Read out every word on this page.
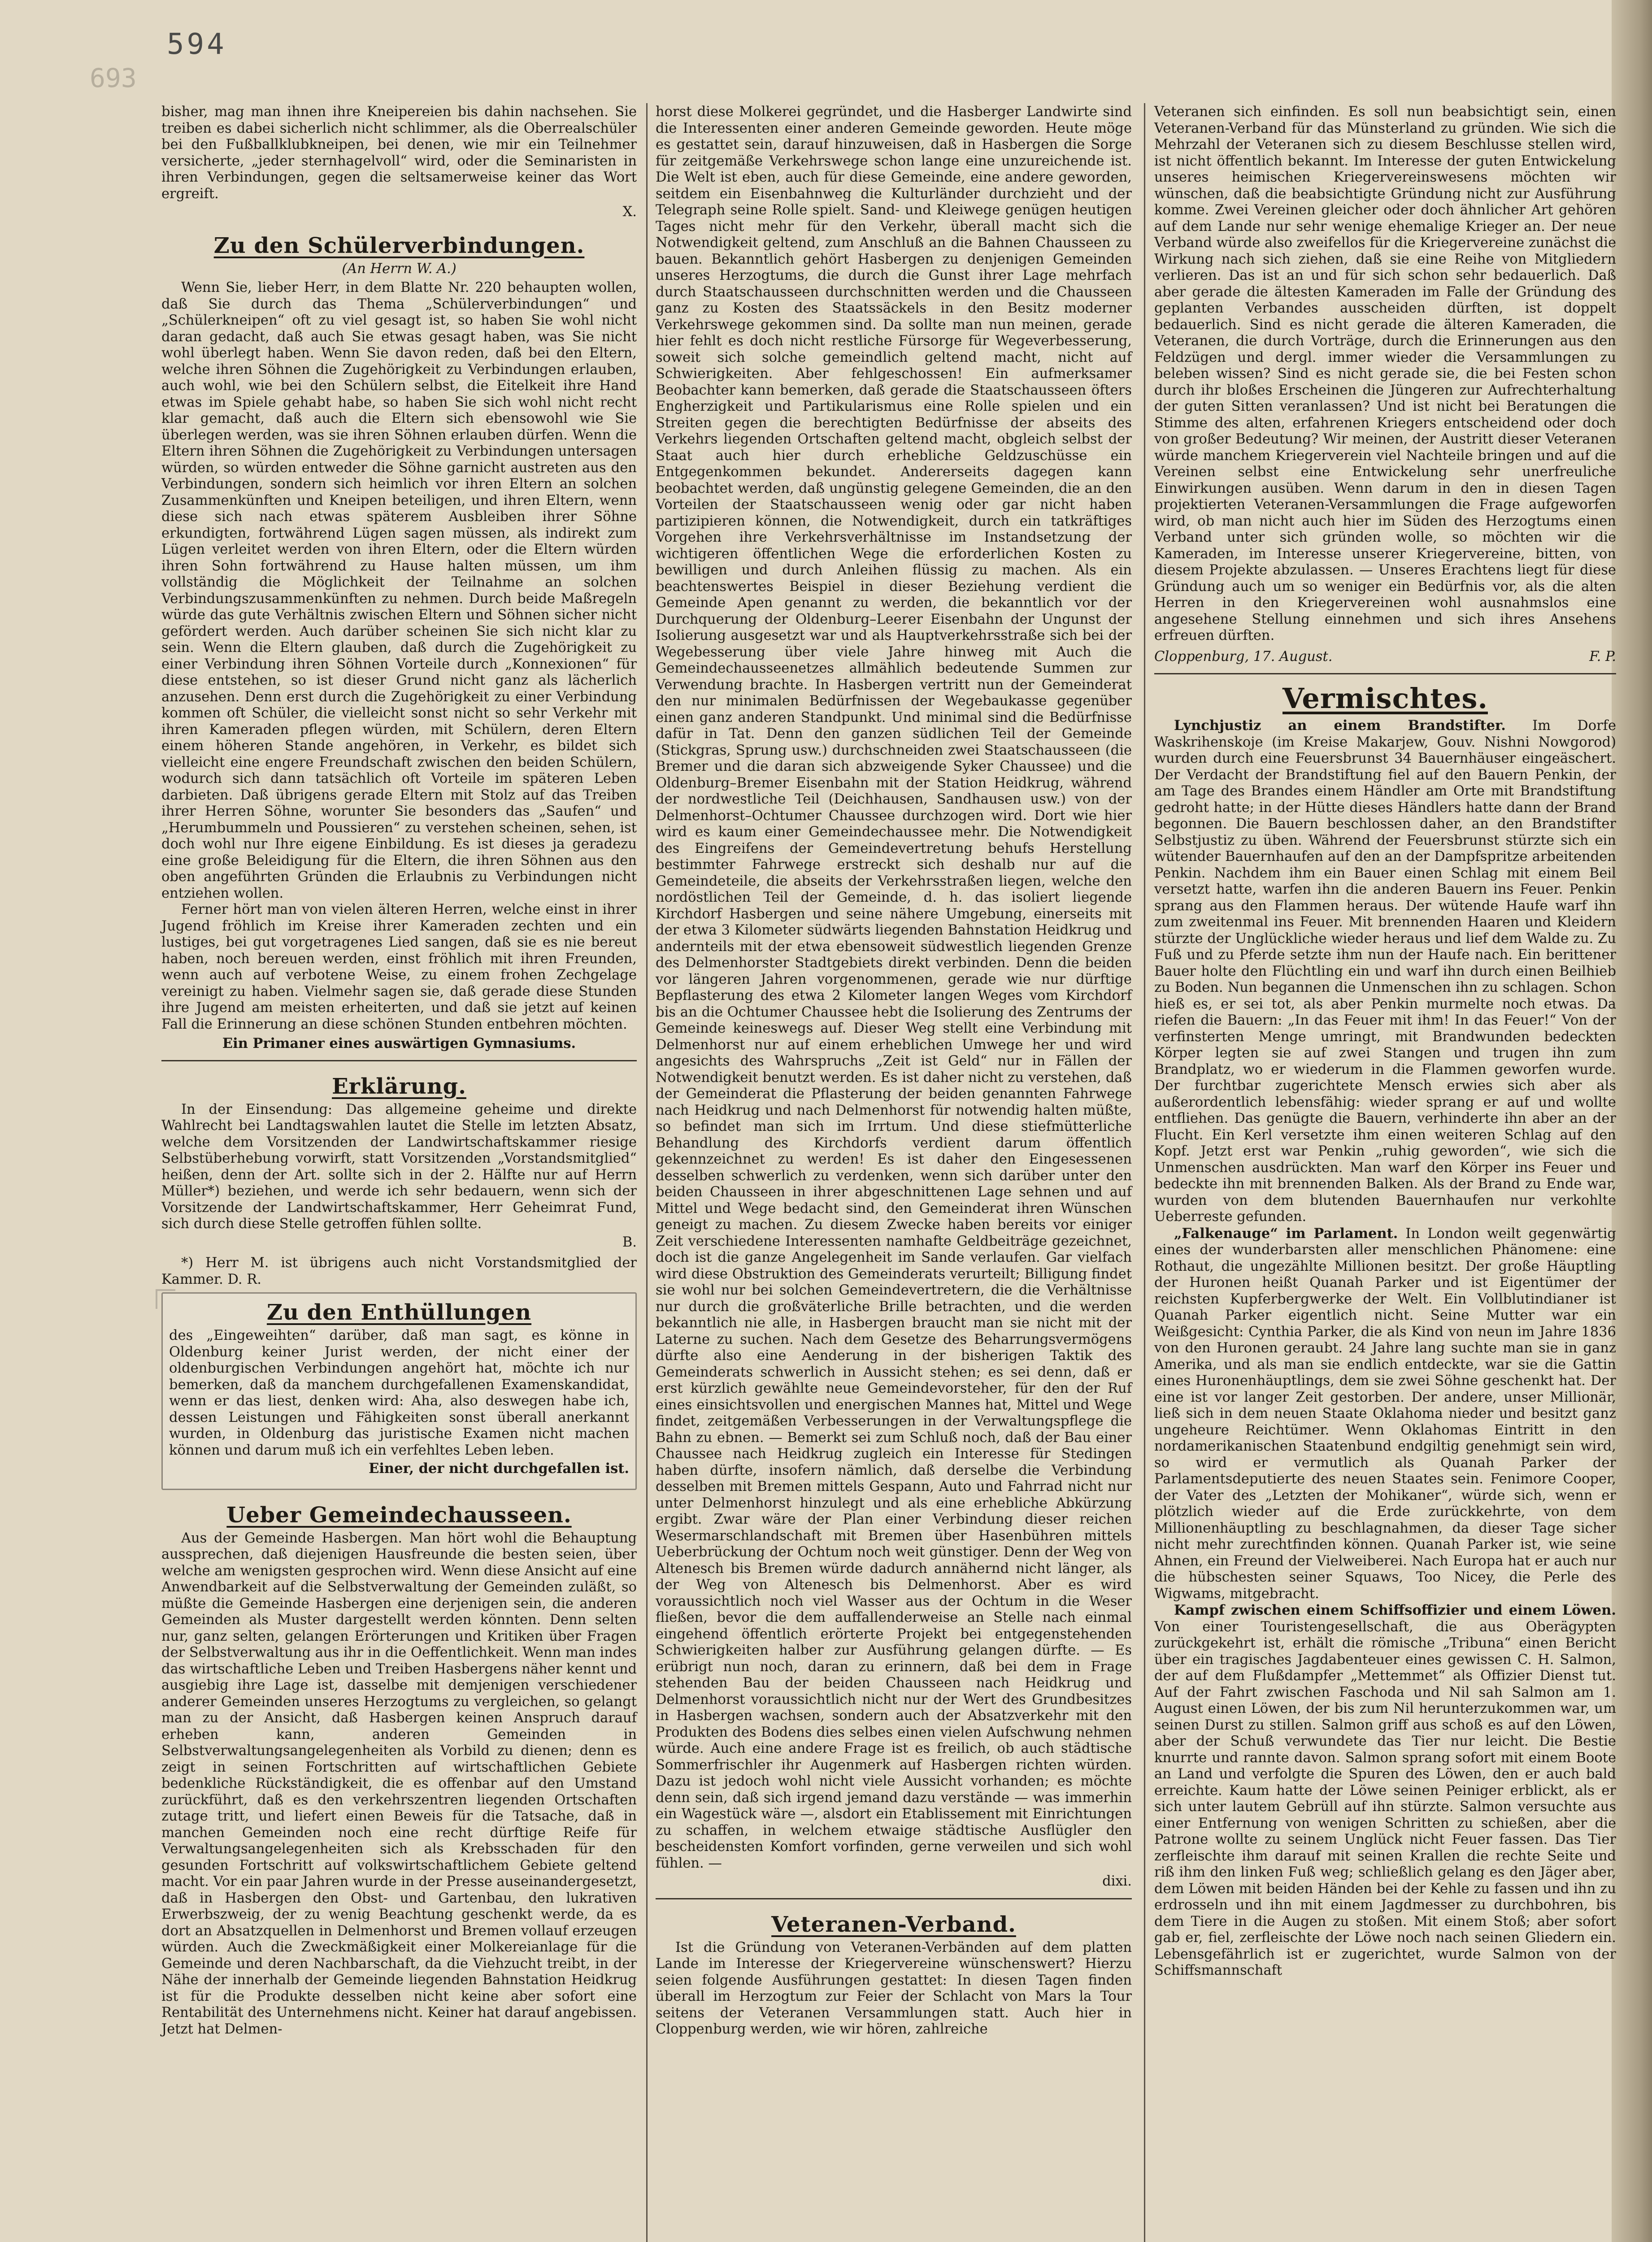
594
693

bisher, mag man ihnen ihre Kneipereien bis dahin nachsehen. Sie treiben es dabei sicherlich nicht schlimmer, als die Oberrealschüler bei den Fußballklubkneipen, bei denen, wie mir ein Teilnehmer versicherte, „jeder sternhagelvoll“ wird, oder die Seminaristen in ihren Verbindungen, gegen die seltsamerweise keiner das Wort ergreift.

X.
Zu den Schülerverbindungen.
(An Herrn W. A.)

Wenn Sie, lieber Herr, in dem Blatte Nr. 220 behaupten wollen, daß Sie durch das Thema „Schülerverbindungen“ und „Schülerkneipen“ oft zu viel gesagt ist, so haben Sie wohl nicht daran gedacht, daß auch Sie etwas gesagt haben, was Sie nicht wohl überlegt haben. Wenn Sie davon reden, daß bei den Eltern, welche ihren Söhnen die Zugehörigkeit zu Verbindungen erlauben, auch wohl, wie bei den Schülern selbst, die Eitelkeit ihre Hand etwas im Spiele gehabt habe, so haben Sie sich wohl nicht recht klar gemacht, daß auch die Eltern sich ebensowohl wie Sie überlegen werden, was sie ihren Söhnen erlauben dürfen. Wenn die Eltern ihren Söhnen die Zugehörigkeit zu Verbindungen untersagen würden, so würden entweder die Söhne garnicht austreten aus den Verbindungen, sondern sich heimlich vor ihren Eltern an solchen Zusammenkünften und Kneipen beteiligen, und ihren Eltern, wenn diese sich nach etwas späterem Ausbleiben ihrer Söhne erkundigten, fortwährend Lügen sagen müssen, als indirekt zum Lügen verleitet werden von ihren Eltern, oder die Eltern würden ihren Sohn fortwährend zu Hause halten müssen, um ihm vollständig die Möglichkeit der Teilnahme an solchen Verbindungszusammenkünften zu nehmen. Durch beide Maßregeln würde das gute Verhältnis zwischen Eltern und Söhnen sicher nicht gefördert werden. Auch darüber scheinen Sie sich nicht klar zu sein. Wenn die Eltern glauben, daß durch die Zugehörigkeit zu einer Verbindung ihren Söhnen Vorteile durch „Konnexionen“ für diese entstehen, so ist dieser Grund nicht ganz als lächerlich anzusehen. Denn erst durch die Zugehörigkeit zu einer Verbindung kommen oft Schüler, die vielleicht sonst nicht so sehr Verkehr mit ihren Kameraden pflegen würden, mit Schülern, deren Eltern einem höheren Stande angehören, in Verkehr, es bildet sich vielleicht eine engere Freundschaft zwischen den beiden Schülern, wodurch sich dann tatsächlich oft Vorteile im späteren Leben darbieten. Daß übrigens gerade Eltern mit Stolz auf das Treiben ihrer Herren Söhne, worunter Sie besonders das „Saufen“ und „Herumbummeln und Poussieren“ zu verstehen scheinen, sehen, ist doch wohl nur Ihre eigene Einbildung. Es ist dieses ja geradezu eine große Beleidigung für die Eltern, die ihren Söhnen aus den oben angeführten Gründen die Erlaubnis zu Verbindungen nicht entziehen wollen.

Ferner hört man von vielen älteren Herren, welche einst in ihrer Jugend fröhlich im Kreise ihrer Kameraden zechten und ein lustiges, bei gut vorgetragenes Lied sangen, daß sie es nie bereut haben, noch bereuen werden, einst fröhlich mit ihren Freunden, wenn auch auf verbotene Weise, zu einem frohen Zechgelage vereinigt zu haben. Vielmehr sagen sie, daß gerade diese Stunden ihre Jugend am meisten erheiterten, und daß sie jetzt auf keinen Fall die Erinnerung an diese schönen Stunden entbehren möchten.

Ein Primaner eines auswärtigen Gymnasiums.
Erklärung.

In der Einsendung: Das allgemeine geheime und direkte Wahlrecht bei Landtagswahlen lautet die Stelle im letzten Absatz, welche dem Vorsitzenden der Landwirtschaftskammer riesige Selbstüberhebung vorwirft, statt Vorsitzenden „Vorstandsmitglied“ heißen, denn der Art. sollte sich in der 2. Hälfte nur auf Herrn Müller*) beziehen, und werde ich sehr bedauern, wenn sich der Vorsitzende der Landwirtschaftskammer, Herr Geheimrat Fund, sich durch diese Stelle getroffen fühlen sollte.

B.

*) Herr M. ist übrigens auch nicht Vorstandsmitglied der Kammer. D. R.

Zu den Enthüllungen

des „Eingeweihten“ darüber, daß man sagt, es könne in Oldenburg keiner Jurist werden, der nicht einer der oldenburgischen Verbindungen angehört hat, möchte ich nur bemerken, daß da manchem durchgefallenen Examenskandidat, wenn er das liest, denken wird: Aha, also deswegen habe ich, dessen Leistungen und Fähigkeiten sonst überall anerkannt wurden, in Oldenburg das juristische Examen nicht machen können und darum muß ich ein verfehltes Leben leben.

Einer, der nicht durchgefallen ist.
Ueber Gemeindechausseen.

Aus der Gemeinde Hasbergen. Man hört wohl die Behauptung aussprechen, daß diejenigen Hausfreunde die besten seien, über welche am wenigsten gesprochen wird. Wenn diese Ansicht auf eine Anwendbarkeit auf die Selbstverwaltung der Gemeinden zuläßt, so müßte die Gemeinde Hasbergen eine derjenigen sein, die anderen Gemeinden als Muster dargestellt werden könnten. Denn selten nur, ganz selten, gelangen Erörterungen und Kritiken über Fragen der Selbstverwaltung aus ihr in die Oeffentlichkeit. Wenn man indes das wirtschaftliche Leben und Treiben Hasbergens näher kennt und ausgiebig ihre Lage ist, dasselbe mit demjenigen verschiedener anderer Gemeinden unseres Herzogtums zu vergleichen, so gelangt man zu der Ansicht, daß Hasbergen keinen Anspruch darauf erheben kann, anderen Gemeinden in Selbstverwaltungsangelegenheiten als Vorbild zu dienen; denn es zeigt in seinen Fortschritten auf wirtschaftlichen Gebiete bedenkliche Rückständigkeit, die es offenbar auf den Umstand zurückführt, daß es den verkehrszentren liegenden Ortschaften zutage tritt, und liefert einen Beweis für die Tatsache, daß in manchen Gemeinden noch eine recht dürftige Reife für Verwaltungsangelegenheiten sich als Krebsschaden für den gesunden Fortschritt auf volkswirtschaftlichem Gebiete geltend macht. Vor ein paar Jahren wurde in der Presse auseinandergesetzt, daß in Hasbergen den Obst- und Gartenbau, den lukrativen Erwerbszweig, der zu wenig Beachtung geschenkt werde, da es dort an Absatzquellen in Delmenhorst und Bremen vollauf erzeugen würden. Auch die Zweckmäßigkeit einer Molkereianlage für die Gemeinde und deren Nachbarschaft, da die Viehzucht treibt, in der Nähe der innerhalb der Gemeinde liegenden Bahnstation Heidkrug ist für die Produkte desselben nicht keine aber sofort eine Rentabilität des Unternehmens nicht. Keiner hat darauf angebissen. Jetzt hat Delmen-

horst diese Molkerei gegründet, und die Hasberger Landwirte sind die Interessenten einer anderen Gemeinde geworden. Heute möge es gestattet sein, darauf hinzuweisen, daß in Hasbergen die Sorge für zeitgemäße Verkehrswege schon lange eine unzureichende ist. Die Welt ist eben, auch für diese Gemeinde, eine andere geworden, seitdem ein Eisenbahnweg die Kulturländer durchzieht und der Telegraph seine Rolle spielt. Sand- und Kleiwege genügen heutigen Tages nicht mehr für den Verkehr, überall macht sich die Notwendigkeit geltend, zum Anschluß an die Bahnen Chausseen zu bauen. Bekanntlich gehört Hasbergen zu denjenigen Gemeinden unseres Herzogtums, die durch die Gunst ihrer Lage mehrfach durch Staatschausseen durchschnitten werden und die Chausseen ganz zu Kosten des Staatssäckels in den Besitz moderner Verkehrswege gekommen sind. Da sollte man nun meinen, gerade hier fehlt es doch nicht restliche Fürsorge für Wegeverbesserung, soweit sich solche gemeindlich geltend macht, nicht auf Schwierigkeiten. Aber fehlgeschossen! Ein aufmerksamer Beobachter kann bemerken, daß gerade die Staatschausseen öfters Engherzigkeit und Partikularismus eine Rolle spielen und ein Streiten gegen die berechtigten Bedürfnisse der abseits des Verkehrs liegenden Ortschaften geltend macht, obgleich selbst der Staat auch hier durch erhebliche Geldzuschüsse ein Entgegenkommen bekundet. Andererseits dagegen kann beobachtet werden, daß ungünstig gelegene Gemeinden, die an den Vorteilen der Staatschausseen wenig oder gar nicht haben partizipieren können, die Notwendigkeit, durch ein tatkräftiges Vorgehen ihre Verkehrsverhältnisse im Instandsetzung der wichtigeren öffentlichen Wege die erforderlichen Kosten zu bewilligen und durch Anleihen flüssig zu machen. Als ein beachtenswertes Beispiel in dieser Beziehung verdient die Gemeinde Apen genannt zu werden, die bekanntlich vor der Durchquerung der Oldenburg–Leerer Eisenbahn der Ungunst der Isolierung ausgesetzt war und als Hauptverkehrsstraße sich bei der Wegebesserung über viele Jahre hinweg mit Auch die Gemeindechausseenetzes allmählich bedeutende Summen zur Verwendung brachte. In Hasbergen vertritt nun der Gemeinderat den nur minimalen Bedürfnissen der Wegebaukasse gegenüber einen ganz anderen Standpunkt. Und minimal sind die Bedürfnisse dafür in Tat. Denn den ganzen südlichen Teil der Gemeinde (Stickgras, Sprung usw.) durchschneiden zwei Staatschausseen (die Bremer und die daran sich abzweigende Syker Chaussee) und die Oldenburg–Bremer Eisenbahn mit der Station Heidkrug, während der nordwestliche Teil (Deichhausen, Sandhausen usw.) von der Delmenhorst–Ochtumer Chaussee durchzogen wird. Dort wie hier wird es kaum einer Gemeindechaussee mehr. Die Notwendigkeit des Eingreifens der Gemeindevertretung behufs Herstellung bestimmter Fahrwege erstreckt sich deshalb nur auf die Gemeindeteile, die abseits der Verkehrsstraßen liegen, welche den nordöstlichen Teil der Gemeinde, d. h. das isoliert liegende Kirchdorf Hasbergen und seine nähere Umgebung, einerseits mit der etwa 3 Kilometer südwärts liegenden Bahnstation Heidkrug und andernteils mit der etwa ebensoweit südwestlich liegenden Grenze des Delmenhorster Stadtgebiets direkt verbinden. Denn die beiden vor längeren Jahren vorgenommenen, gerade wie nur dürftige Bepflasterung des etwa 2 Kilometer langen Weges vom Kirchdorf bis an die Ochtumer Chaussee hebt die Isolierung des Zentrums der Gemeinde keineswegs auf. Dieser Weg stellt eine Verbindung mit Delmenhorst nur auf einem erheblichen Umwege her und wird angesichts des Wahrspruchs „Zeit ist Geld“ nur in Fällen der Notwendigkeit benutzt werden. Es ist daher nicht zu verstehen, daß der Gemeinderat die Pflasterung der beiden genannten Fahrwege nach Heidkrug und nach Delmenhorst für notwendig halten müßte, so befindet man sich im Irrtum. Und diese stiefmütterliche Behandlung des Kirchdorfs verdient darum öffentlich gekennzeichnet zu werden! Es ist daher den Eingesessenen desselben schwerlich zu verdenken, wenn sich darüber unter den beiden Chausseen in ihrer abgeschnittenen Lage sehnen und auf Mittel und Wege bedacht sind, den Gemeinderat ihren Wünschen geneigt zu machen. Zu diesem Zwecke haben bereits vor einiger Zeit verschiedene Interessenten namhafte Geldbeiträge gezeichnet, doch ist die ganze Angelegenheit im Sande verlaufen. Gar vielfach wird diese Obstruktion des Gemeinderats verurteilt; Billigung findet sie wohl nur bei solchen Gemeindevertretern, die die Verhältnisse nur durch die großväterliche Brille betrachten, und die werden bekanntlich nie alle, in Hasbergen braucht man sie nicht mit der Laterne zu suchen. Nach dem Gesetze des Beharrungsvermögens dürfte also eine Aenderung in der bisherigen Taktik des Gemeinderats schwerlich in Aussicht stehen; es sei denn, daß er erst kürzlich gewählte neue Gemeindevorsteher, für den der Ruf eines einsichtsvollen und energischen Mannes hat, Mittel und Wege findet, zeitgemäßen Verbesserungen in der Verwaltungspflege die Bahn zu ebnen. — Bemerkt sei zum Schluß noch, daß der Bau einer Chaussee nach Heidkrug zugleich ein Interesse für Stedingen haben dürfte, insofern nämlich, daß derselbe die Verbindung desselben mit Bremen mittels Gespann, Auto und Fahrrad nicht nur unter Delmenhorst hinzulegt und als eine erhebliche Abkürzung ergibt. Zwar wäre der Plan einer Verbindung dieser reichen Wesermarschlandschaft mit Bremen über Hasenbühren mittels Ueberbrückung der Ochtum noch weit günstiger. Denn der Weg von Altenesch bis Bremen würde dadurch annähernd nicht länger, als der Weg von Altenesch bis Delmenhorst. Aber es wird voraussichtlich noch viel Wasser aus der Ochtum in die Weser fließen, bevor die dem auffallenderweise an Stelle nach einmal eingehend öffentlich erörterte Projekt bei entgegenstehenden Schwierigkeiten halber zur Ausführung gelangen dürfte. — Es erübrigt nun noch, daran zu erinnern, daß bei dem in Frage stehenden Bau der beiden Chausseen nach Heidkrug und Delmenhorst voraussichtlich nicht nur der Wert des Grundbesitzes in Hasbergen wachsen, sondern auch der Absatzverkehr mit den Produkten des Bodens dies selbes einen vielen Aufschwung nehmen würde. Auch eine andere Frage ist es freilich, ob auch städtische Sommerfrischler ihr Augenmerk auf Hasbergen richten würden. Dazu ist jedoch wohl nicht viele Aussicht vorhanden; es möchte denn sein, daß sich irgend jemand dazu verstände — was immerhin ein Wagestück wäre —, alsdort ein Etablissement mit Einrichtungen zu schaffen, in welchem etwaige städtische Ausflügler den bescheidensten Komfort vorfinden, gerne verweilen und sich wohl fühlen. —

dixi.
Veteranen-Verband.

Ist die Gründung von Veteranen-Verbänden auf dem platten Lande im Interesse der Kriegervereine wünschenswert? Hierzu seien folgende Ausführungen gestattet: In diesen Tagen finden überall im Herzogtum zur Feier der Schlacht von Mars la Tour seitens der Veteranen Versammlungen statt. Auch hier in Cloppenburg werden, wie wir hören, zahlreiche

Veteranen sich einfinden. Es soll nun beabsichtigt sein, einen Veteranen-Verband für das Münsterland zu gründen. Wie sich die Mehrzahl der Veteranen sich zu diesem Beschlusse stellen wird, ist nicht öffentlich bekannt. Im Interesse der guten Entwickelung unseres heimischen Kriegervereinswesens möchten wir wünschen, daß die beabsichtigte Gründung nicht zur Ausführung komme. Zwei Vereinen gleicher oder doch ähnlicher Art gehören auf dem Lande nur sehr wenige ehemalige Krieger an. Der neue Verband würde also zweifellos für die Kriegervereine zunächst die Wirkung nach sich ziehen, daß sie eine Reihe von Mitgliedern verlieren. Das ist an und für sich schon sehr bedauerlich. Daß aber gerade die ältesten Kameraden im Falle der Gründung des geplanten Verbandes ausscheiden dürften, ist doppelt bedauerlich. Sind es nicht gerade die älteren Kameraden, die Veteranen, die durch Vorträge, durch die Erinnerungen aus den Feldzügen und dergl. immer wieder die Versammlungen zu beleben wissen? Sind es nicht gerade sie, die bei Festen schon durch ihr bloßes Erscheinen die Jüngeren zur Aufrechterhaltung der guten Sitten veranlassen? Und ist nicht bei Beratungen die Stimme des alten, erfahrenen Kriegers entscheidend oder doch von großer Bedeutung? Wir meinen, der Austritt dieser Veteranen würde manchem Kriegerverein viel Nachteile bringen und auf die Vereinen selbst eine Entwickelung sehr unerfreuliche Einwirkungen ausüben. Wenn darum in den in diesen Tagen projektierten Veteranen-Versammlungen die Frage aufgeworfen wird, ob man nicht auch hier im Süden des Herzogtums einen Verband unter sich gründen wolle, so möchten wir die Kameraden, im Interesse unserer Kriegervereine, bitten, von diesem Projekte abzulassen. — Unseres Erachtens liegt für diese Gründung auch um so weniger ein Bedürfnis vor, als die alten Herren in den Kriegervereinen wohl ausnahmslos eine angesehene Stellung einnehmen und sich ihres Ansehens erfreuen dürften.

Cloppenburg, 17. August.	F. P.
Vermischtes.

Lynchjustiz an einem Brandstifter. Im Dorfe Waskrihenskoje (im Kreise Makarjew, Gouv. Nishni Nowgorod) wurden durch eine Feuersbrunst 34 Bauernhäuser eingeäschert. Der Verdacht der Brandstiftung fiel auf den Bauern Penkin, der am Tage des Brandes einem Händler am Orte mit Brandstiftung gedroht hatte; in der Hütte dieses Händlers hatte dann der Brand begonnen. Die Bauern beschlossen daher, an den Brandstifter Selbstjustiz zu üben. Während der Feuersbrunst stürzte sich ein wütender Bauernhaufen auf den an der Dampfspritze arbeitenden Penkin. Nachdem ihm ein Bauer einen Schlag mit einem Beil versetzt hatte, warfen ihn die anderen Bauern ins Feuer. Penkin sprang aus den Flammen heraus. Der wütende Haufe warf ihn zum zweitenmal ins Feuer. Mit brennenden Haaren und Kleidern stürzte der Unglückliche wieder heraus und lief dem Walde zu. Zu Fuß und zu Pferde setzte ihm nun der Haufe nach. Ein berittener Bauer holte den Flüchtling ein und warf ihn durch einen Beilhieb zu Boden. Nun begannen die Unmenschen ihn zu schlagen. Schon hieß es, er sei tot, als aber Penkin murmelte noch etwas. Da riefen die Bauern: „In das Feuer mit ihm! In das Feuer!“ Von der verfinsterten Menge umringt, mit Brandwunden bedeckten Körper legten sie auf zwei Stangen und trugen ihn zum Brandplatz, wo er wiederum in die Flammen geworfen wurde. Der furchtbar zugerichtete Mensch erwies sich aber als außerordentlich lebensfähig: wieder sprang er auf und wollte entfliehen. Das genügte die Bauern, verhinderte ihn aber an der Flucht. Ein Kerl versetzte ihm einen weiteren Schlag auf den Kopf. Jetzt erst war Penkin „ruhig geworden“, wie sich die Unmenschen ausdrückten. Man warf den Körper ins Feuer und bedeckte ihn mit brennenden Balken. Als der Brand zu Ende war, wurden von dem blutenden Bauernhaufen nur verkohlte Ueberreste gefunden.

„Falkenauge“ im Parlament. In London weilt gegenwärtig eines der wunderbarsten aller menschlichen Phänomene: eine Rothaut, die ungezählte Millionen besitzt. Der große Häuptling der Huronen heißt Quanah Parker und ist Eigentümer der reichsten Kupferbergwerke der Welt. Ein Vollblutindianer ist Quanah Parker eigentlich nicht. Seine Mutter war ein Weißgesicht: Cynthia Parker, die als Kind von neun im Jahre 1836 von den Huronen geraubt. 24 Jahre lang suchte man sie in ganz Amerika, und als man sie endlich entdeckte, war sie die Gattin eines Huronenhäuptlings, dem sie zwei Söhne geschenkt hat. Der eine ist vor langer Zeit gestorben. Der andere, unser Millionär, ließ sich in dem neuen Staate Oklahoma nieder und besitzt ganz ungeheure Reichtümer. Wenn Oklahomas Eintritt in den nordamerikanischen Staatenbund endgiltig genehmigt sein wird, so wird er vermutlich als Quanah Parker der Parlamentsdeputierte des neuen Staates sein. Fenimore Cooper, der Vater des „Letzten der Mohikaner“, würde sich, wenn er plötzlich wieder auf die Erde zurückkehrte, von dem Millionenhäuptling zu beschlagnahmen, da dieser Tage sicher nicht mehr zurechtfinden können. Quanah Parker ist, wie seine Ahnen, ein Freund der Vielweiberei. Nach Europa hat er auch nur die hübschesten seiner Squaws, Too Nicey, die Perle des Wigwams, mitgebracht.

Kampf zwischen einem Schiffsoffizier und einem Löwen. Von einer Touristengesellschaft, die aus Oberägypten zurückgekehrt ist, erhält die römische „Tribuna“ einen Bericht über ein tragisches Jagdabenteuer eines gewissen C. H. Salmon, der auf dem Flußdampfer „Mettemmet“ als Offizier Dienst tut. Auf der Fahrt zwischen Faschoda und Nil sah Salmon am 1. August einen Löwen, der bis zum Nil herunterzukommen war, um seinen Durst zu stillen. Salmon griff aus schoß es auf den Löwen, aber der Schuß verwundete das Tier nur leicht. Die Bestie knurrte und rannte davon. Salmon sprang sofort mit einem Boote an Land und verfolgte die Spuren des Löwen, den er auch bald erreichte. Kaum hatte der Löwe seinen Peiniger erblickt, als er sich unter lautem Gebrüll auf ihn stürzte. Salmon versuchte aus einer Entfernung von wenigen Schritten zu schießen, aber die Patrone wollte zu seinem Unglück nicht Feuer fassen. Das Tier zerfleischte ihm darauf mit seinen Krallen die rechte Seite und riß ihm den linken Fuß weg; schließlich gelang es den Jäger aber, dem Löwen mit beiden Händen bei der Kehle zu fassen und ihn zu erdrosseln und ihn mit einem Jagdmesser zu durchbohren, bis dem Tiere in die Augen zu stoßen. Mit einem Stoß; aber sofort gab er, fiel, zerfleischte der Löwe noch nach seinen Gliedern ein. Lebensgefährlich ist er zugerichtet, wurde Salmon von der Schiffsmannschaft
